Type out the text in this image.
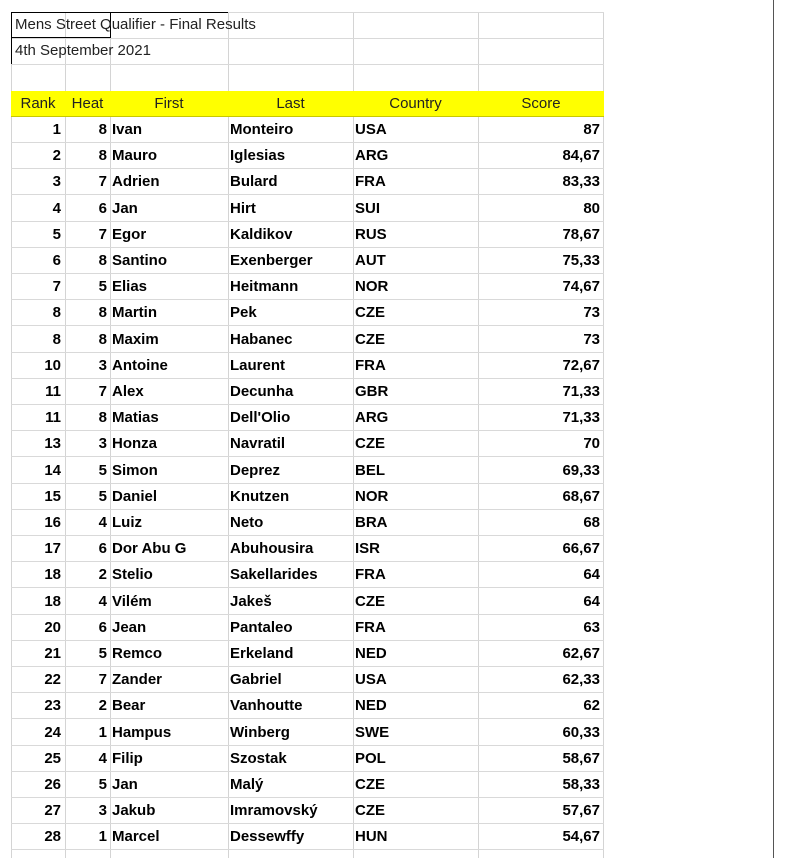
Mens Street Qualifier - Final Results
4th September 2021
Rank	Heat	First	Last	Country	Score
1	8 Ivan	Monteiro	USA	87
2	8 Mauro	Iglesias	ARG	84,67
3	7 Adrien	Bulard	FRA	83,33
4	6 Jan	Hirt	SUI	80
5	7 Egor	Kaldikov	RUS	78,67
6	8 Santino	Exenberger	AUT	75,33
7	5 Elias	Heitmann	NOR	74,67
8	8 Martin	Pek	CZE	73
8	8 Maxim	Habanec	CZE	73
10	3 Antoine	Laurent	FRA	72,67
11	7 Alex	Decunha	GBR	71,33
11	8 Matias	Dell'Olio	ARG	71,33
13	3 Honza	Navratil	CZE	70
14	5 Simon	Deprez	BEL	69,33
15	5 Daniel	Knutzen	NOR	68,67
16	4 Luiz	Neto	BRA	68
17	6 Dor Abu G	Abuhousira	ISR	66,67
18	2 Stelio	Sakellarides	FRA	64
18	4 Vilém	Jakeš	CZE	64
20	6 Jean	Pantaleo	FRA	63
21	5 Remco	Erkeland	NED	62,67
22	7 Zander	Gabriel	USA	62,33
23	2 Bear	Vanhoutte	NED	62
24	1 Hampus	Winberg	SWE	60,33
25	4 Filip	Szostak	POL	58,67
26	5 Jan	Malý	CZE	58,33
27	3 Jakub	Imramovský	CZE	57,67
28	1 Marcel	Dessewffy	HUN	54,67
